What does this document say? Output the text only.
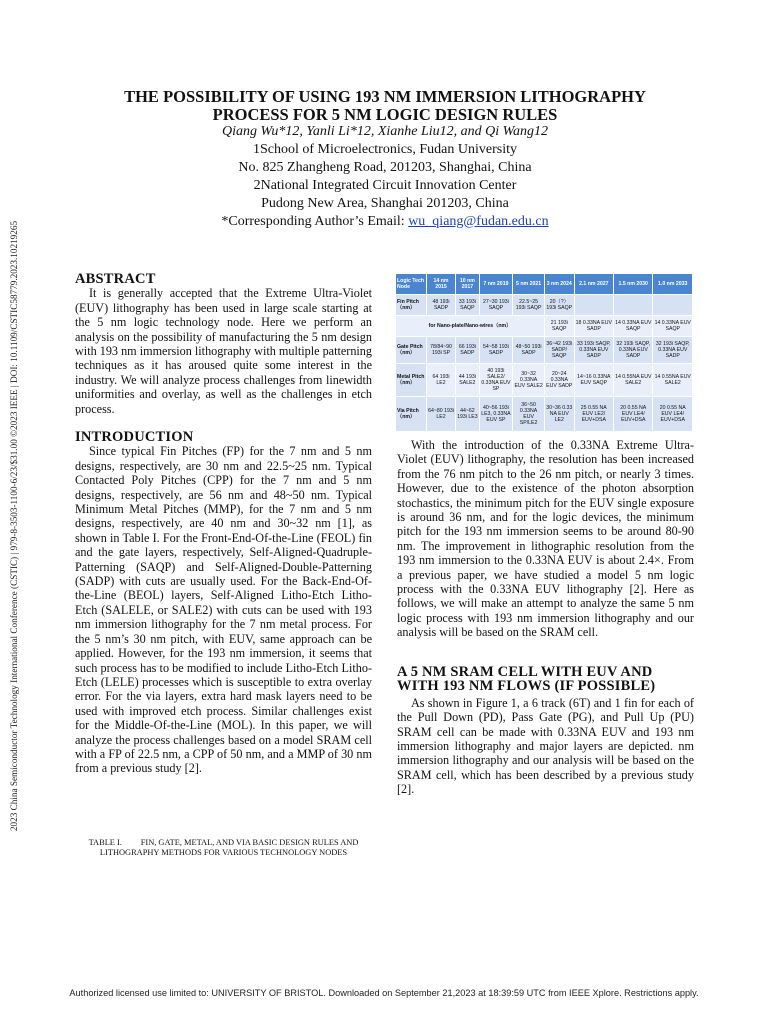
THE POSSIBILITY OF USING 193 NM IMMERSION LITHOGRAPHY
PROCESS FOR 5 NM LOGIC DESIGN RULES
Qiang Wu*12, Yanli Li*12, Xianhe Liu12, and Qi Wang12
1School of Microelectronics, Fudan University
No. 825 Zhangheng Road, 201203, Shanghai, China
2National Integrated Circuit Innovation Center
Pudong New Area, Shanghai 201203, China
*Corresponding Author’s Email: wu_qiang@fudan.edu.cn
2023 China Semiconductor Technology International Conference (CSTIC) | 979-8-3503-1100-6/23/$31.00 ©2023 IEEE | DOI: 10.1109/CSTIC58779.2023.10219265	ABSTRACT

It is generally accepted that the Extreme Ultra-Violet (EUV) lithography has been used in large scale starting at the 5 nm logic technology node. Here we perform an analysis on the possibility of manufacturing the 5 nm design with 193 nm immersion lithography with multiple patterning techniques as it has aroused quite some interest in the industry. We will analyze process challenges from linewidth uniformities and overlay, as well as the challenges in etch process.

INTRODUCTION

Since typical Fin Pitches (FP) for the 7 nm and 5 nm designs, respectively, are 30 nm and 22.5~25 nm. Typical Contacted Poly Pitches (CPP) for the 7 nm and 5 nm designs, respectively, are 56 nm and 48~50 nm. Typical Minimum Metal Pitches (MMP), for the 7 nm and 5 nm designs, respectively, are 40 nm and 30~32 nm [1], as shown in Table I. For the Front-End-Of-the-Line (FEOL) fin and the gate layers, respectively, Self-Aligned-Quadruple-Patterning (SAQP) and Self-Aligned-Double-Patterning (SADP) with cuts are usually used. For the Back-End-Of-the-Line (BEOL) layers, Self-Aligned Litho-Etch Litho-Etch (SALELE, or SALE2) with cuts can be used with 193 nm immersion lithography for the 7 nm metal process. For the 5 nm’s 30 nm pitch, with EUV, same approach can be applied. However, for the 193 nm immersion, it seems that such process has to be modified to include Litho-Etch Litho-Etch (LELE) processes which is susceptible to extra overlay error. For the via layers, extra hard mask layers need to be used with improved etch process. Similar challenges exist for the Middle-Of-the-Line (MOL). In this paper, we will analyze the process challenges based on a model SRAM cell with a FP of 22.5 nm, a CPP of 50 nm, and a MMP of 30 nm from a previous study [2].

TABLE I. FIN, GATE, METAL, AND VIA BASIC DESIGN RULES AND
LITHOGRAPHY METHODS FOR VARIOUS TECHNOLOGY NODES
Logic Tech Node	14 nm 2015	10 nm 2017	7 nm 2019	5 nm 2021	3 nm 2024	2.1 nm 2027	1.5 nm 2030	1.0 nm 2033
Fin Pitch（nm）	48 193i SADP	33 193i SAQP	27~30 193i SAQP	22.5~25 193i SAQP	20（?）193i SAQP			
for Nano-plate/Nano-wires（nm）					21 193i SAQP	18 0.33NA EUV SADP	14 0.33NA EUV SAQP	14 0.33NA EUV SAQP
Gate Pitch（nm）	78/84~90 193i SP	66 193i SADP	54~58 193i SADP	48~50 193i SADP	36~42 193i SADP/ SAQP	33 193i SAQP, 0.33NA EUV SADP	32 193i SAQP, 0.33NA EUV SADP	32 193i SAQP, 0.33NA EUV SADP
Metal Pitch（nm）	64 193i LE2	44 193i SALE2	40 193i SALE2/ 0.33NA EUV SP	30~32 0.33NA EUV SALE2	20~24 0.33NA EUV SADP	14~16 0.33NA EUV SAQP	14 0.55NA EUV SALE2	14 0.55NA EUV SALE2
Via Pitch（nm）	64~80 193i LE2	44~62 193i LE3	40~56 193i LE3, 0.33NA EUV SP	36~50 0.33NA EUV SP/LE2	30~36 0.33 NA EUV LE2	25 0.55 NA EUV LE2/ EUV+DSA	20 0.55 NA EUV LE4/ EUV+DSA	20 0.55 NA EUV LE4/ EUV+DSA

With the introduction of the 0.33NA Extreme Ultra-Violet (EUV) lithography, the resolution has been increased from the 76 nm pitch to the 26 nm pitch, or nearly 3 times. However, due to the existence of the photon absorption stochastics, the minimum pitch for the EUV single exposure is around 36 nm, and for the logic devices, the minimum pitch for the 193 nm immersion seems to be around 80-90 nm. The improvement in lithographic resolution from the 193 nm immersion to the 0.33NA EUV is about 2.4×. From a previous paper, we have studied a model 5 nm logic process with the 0.33NA EUV lithography [2]. Here as follows, we will make an attempt to analyze the same 5 nm logic process with 193 nm immersion lithography and our analysis will be based on the SRAM cell.

A 5 NM SRAM CELL WITH EUV AND
WITH 193 NM FLOWS (IF POSSIBLE)

As shown in Figure 1, a 6 track (6T) and 1 fin for each of the Pull Down (PD), Pass Gate (PG), and Pull Up (PU) SRAM cell can be made with 0.33NA EUV and 193 nm immersion lithography and major layers are depicted. nm immersion lithography and our analysis will be based on the SRAM cell, which has been described by a previous study [2].

Authorized licensed use limited to: UNIVERSITY OF BRISTOL. Downloaded on September 21,2023 at 18:39:59 UTC from IEEE Xplore. Restrictions apply.
